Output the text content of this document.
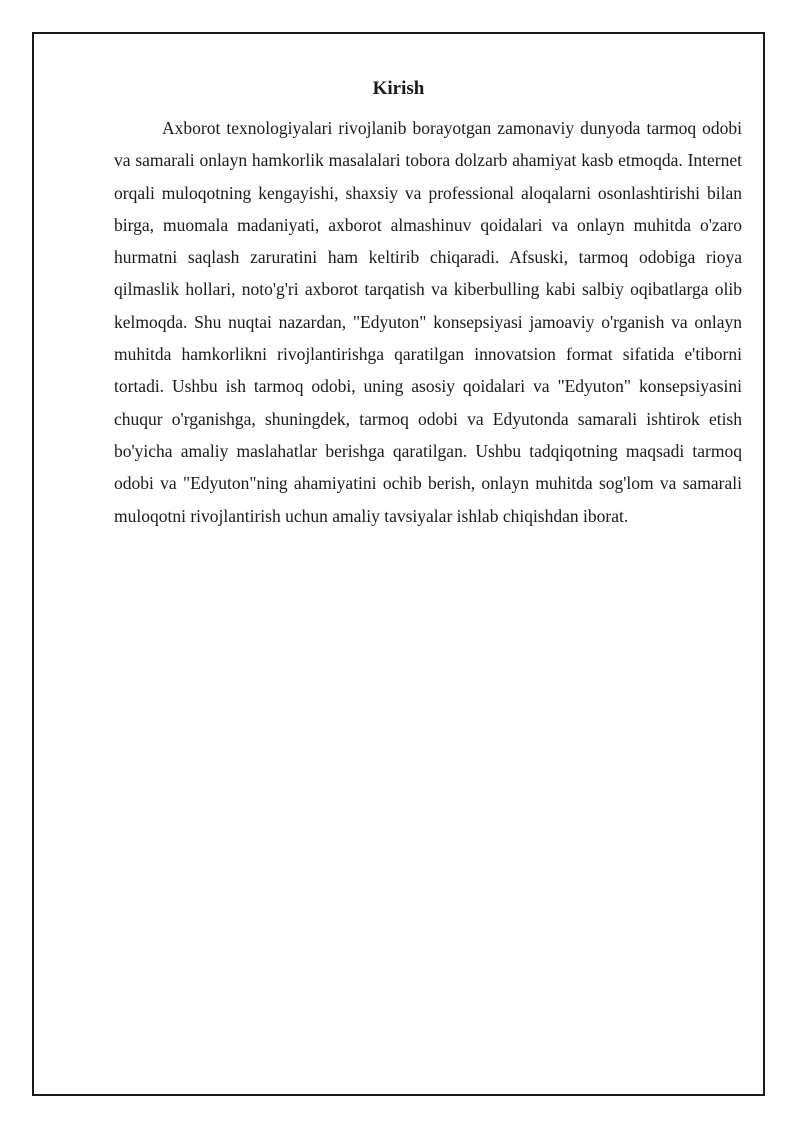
Kirish

Axborot texnologiyalari rivojlanib borayotgan zamonaviy dunyoda tarmoq odobi va samarali onlayn hamkorlik masalalari tobora dolzarb ahamiyat kasb etmoqda. Internet orqali muloqotning kengayishi, shaxsiy va professional aloqalarni osonlashtirishi bilan birga, muomala madaniyati, axborot almashinuv qoidalari va onlayn muhitda o'zaro hurmatni saqlash zaruratini ham keltirib chiqaradi. Afsuski, tarmoq odobiga rioya qilmaslik hollari, noto'g'ri axborot tarqatish va kiberbulling kabi salbiy oqibatlarga olib kelmoqda. Shu nuqtai nazardan, "Edyuton" konsepsiyasi jamoaviy o'rganish va onlayn muhitda hamkorlikni rivojlantirishga qaratilgan innovatsion format sifatida e'tiborni tortadi. Ushbu ish tarmoq odobi, uning asosiy qoidalari va "Edyuton" konsepsiyasini chuqur o'rganishga, shuningdek, tarmoq odobi va Edyutonda samarali ishtirok etish bo'yicha amaliy maslahatlar berishga qaratilgan. Ushbu tadqiqotning maqsadi tarmoq odobi va "Edyuton"ning ahamiyatini ochib berish, onlayn muhitda sog'lom va samarali muloqotni rivojlantirish uchun amaliy tavsiyalar ishlab chiqishdan iborat.
